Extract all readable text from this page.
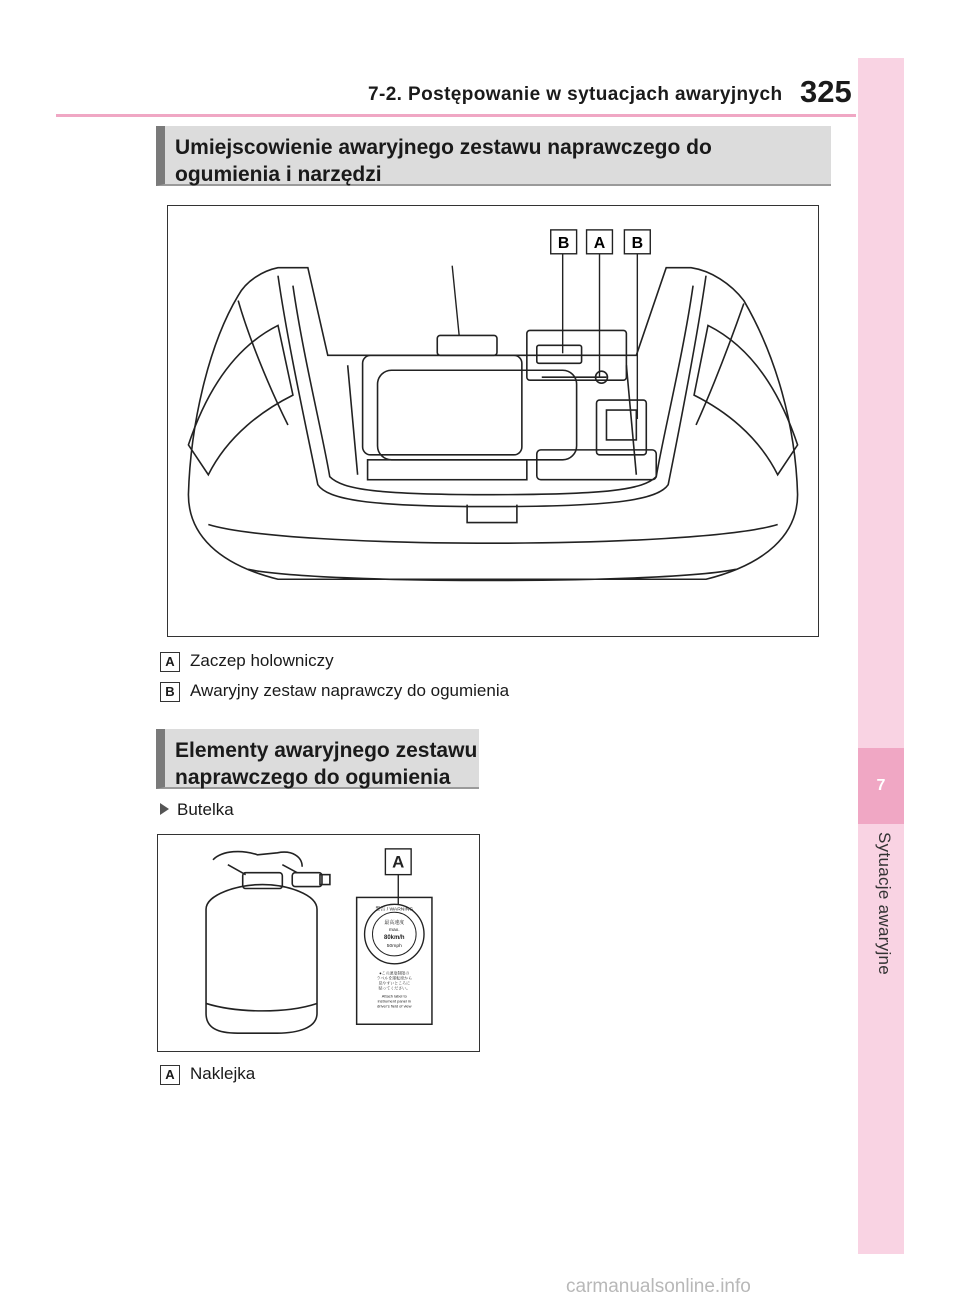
7-2. Postępowanie w sytuacjach awaryjnych 325
7
Sytuacje awaryjne
Umiejscowienie awaryjnego zestawu naprawczego do
ogumienia i narzędzi
B A B
A Zaczep holowniczy
B Awaryjny zestaw naprawczy do ogumienia
Elementy awaryjnego zestawu
naprawczego do ogumienia
Butelka
警告 / WARNING
最高速度
max.
80km/h
50mph
●この速度制限の
ラベルを運転席から
見やすいところに
貼ってください。
Attach label to
instrument panel in
driver's field of view
A
A Naklejka
carmanualsonline.info
